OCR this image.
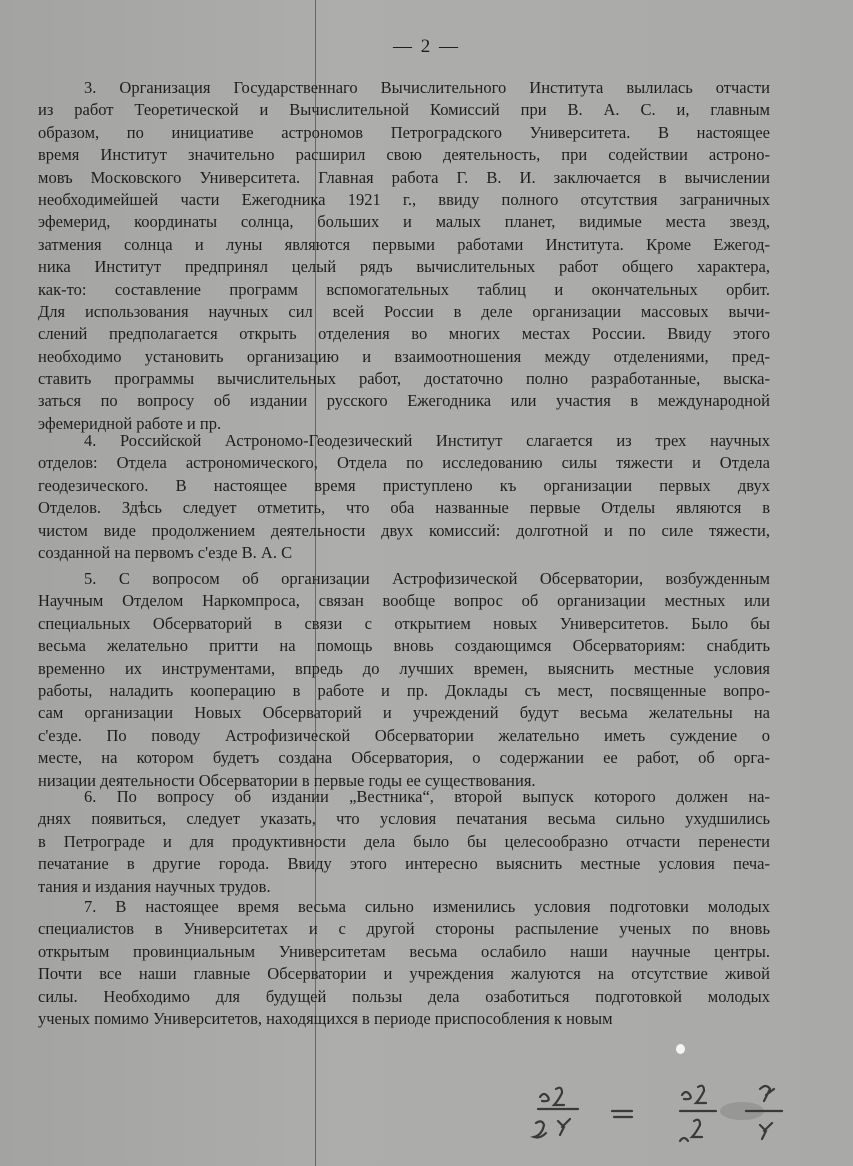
— 2 —
3. Организация Государственнаго Вычислительного Института вылилась отчасти
из работ Теоретической и Вычислительной Комиссий при В. А. С. и, главным
образом, по инициативе астрономов Петроградского Университета. В настоящее
время Институт значительно расширил свою деятельность, при содействии астроно-
мовъ Московского Университета. Главная работа Г. В. И. заключается в вычислении
необходимейшей части Ежегодника 1921 г., ввиду полного отсутствия заграничных
эфемерид, координаты солнца, больших и малых планет, видимые места звезд,
затмения солнца и луны являются первыми работами Института. Кроме Ежегод-
ника Институт предпринял целый рядъ вычислительных работ общего характера,
как-то: составление программ вспомогательных таблиц и окончательных орбит.
Для использования научных сил всей России в деле организации массовых вычи-
слений предполагается открыть отделения во многих местах России. Ввиду этого
необходимо установить организацию и взаимоотношения между отделениями, пред-
ставить программы вычислительных работ, достаточно полно разработанные, выска-
заться по вопросу об издании русского Ежегодника или участия в международной
эфемеридной работе и пр.
4. Российской Астрономо-Геодезический Институт слагается из трех научных
отделов: Отдела астрономического, Отдела по исследованию силы тяжести и Отдела
геодезического. В настоящее время приступлено къ организации первых двух
Отделов. Здѣсь следует отметить, что оба названные первые Отделы являются в
чистом виде продолжением деятельности двух комиссий: долготной и по силе тяжести,
созданной на первомъ с'езде В. А. С
5. С вопросом об организации Астрофизической Обсерватории, возбужденным
Научным Отделом Наркомпроса, связан вообще вопрос об организации местных или
специальных Обсерваторий в связи с открытием новых Университетов. Было бы
весьма желательно притти на помощь вновь создающимся Обсерваториям: снабдить
временно их инструментами, впредь до лучших времен, выяснить местные условия
работы, наладить кооперацию в работе и пр. Доклады съ мест, посвященные вопро-
сам организации Новых Обсерваторий и учреждений будут весьма желательны на
с'езде. По поводу Астрофизической Обсерватории желательно иметь суждение о
месте, на котором будетъ создана Обсерватория, о содержании ее работ, об орга-
низации деятельности Обсерватории в первые годы ее существования.
6. По вопросу об издании „Вестника“, второй выпуск которого должен на-
днях появиться, следует указать, что условия печатания весьма сильно ухудшились
в Петрограде и для продуктивности дела было бы целесообразно отчасти перенести
печатание в другие города. Ввиду этого интересно выяснить местные условия печа-
тания и издания научных трудов.
7. В настоящее время весьма сильно изменились условия подготовки молодых
специалистов в Университетах и с другой стороны распыление ученых по вновь
открытым провинциальным Университетам весьма ослабило наши научные центры.
Почти все наши главные Обсерватории и учреждения жалуются на отсутствие живой
силы. Необходимо для будущей пользы дела озаботиться подготовкой молодых
ученых помимо Университетов, находящихся в периоде приспособления к новым
